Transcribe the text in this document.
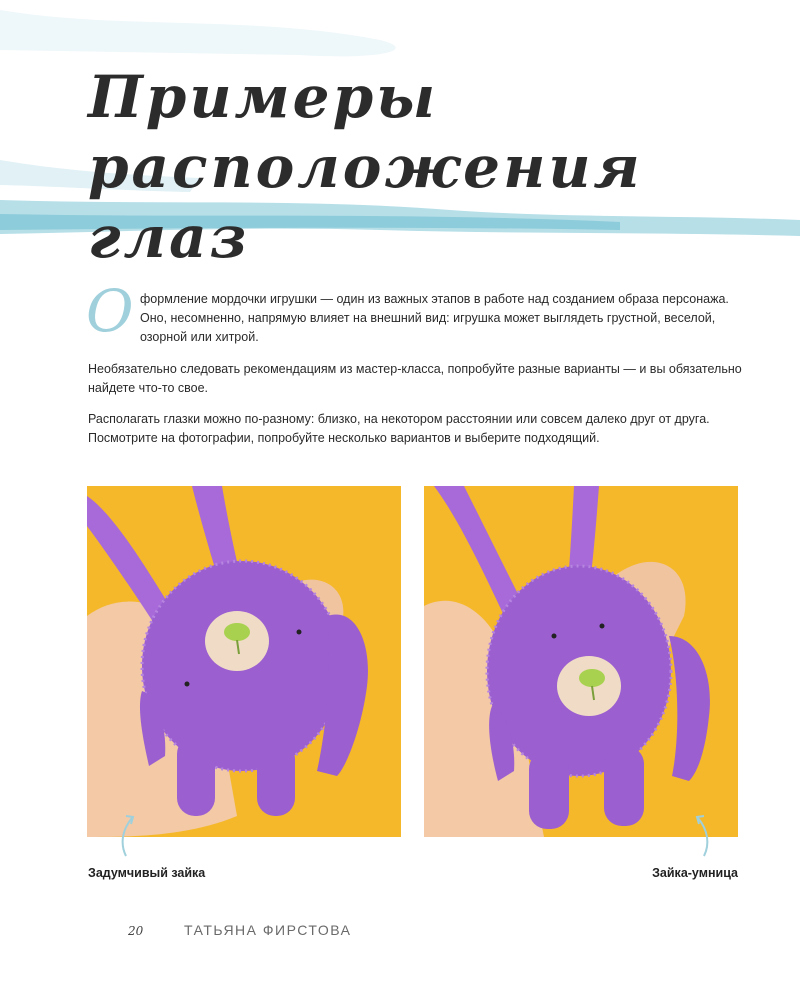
Примеры
расположения глаз
О формление мордочки игрушки — один из важных этапов в работе над созданием образа персонажа. Оно, несомненно, напрямую влияет на внешний вид: игрушка может выглядеть грустной, веселой, озорной или хитрой.

Необязательно следовать рекомендациям из мастер-класса, попробуйте разные варианты — и вы обязательно найдете что-то свое.

Располагать глазки можно по-разному: близко, на некотором расстоянии или совсем далеко друг от друга. Посмотрите на фотографии, попробуйте несколько вариантов и выберите подходящий.

Задумчивый зайка	Зайка-умница
20	ТАТЬЯНА ФИРСТОВА
